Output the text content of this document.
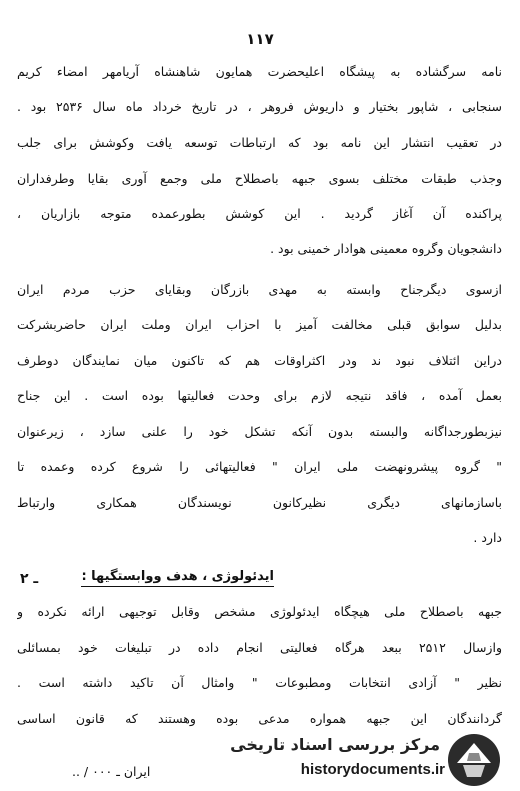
۱۱۷
نامه سرگشاده به پیشگاه اعلیحضرت همایون شاهنشاه آریامهر امضاء کریم
سنجابی ، شاپور بختیار و داریوش فروهر ، در تاریخ خرداد ماه سال ۲۵۳۶ بود .
در تعقیب انتشار این نامه بود که ارتباطات توسعه یافت وکوشش برای جلب
وجذب طبقات مختلف بسوی جبهه باصطلاح ملی وجمع آوری بقایا وطرفداران
پراکنده آن آغاز گردید . این کوشش بطورعمده متوجه بازاریان ،
دانشجویان وگروه معمینی هوادار خمینی بود .
ازسوی دیگرجناح وابسته به مهدی بازرگان وبقایای حزب مردم ایران
بدلیل سوابق قبلی مخالفت آمیز با احزاب ایران وملت ایران حاضربشرکت
دراین ائتلاف نبود ند ودر اکثراوقات هم که تاکنون میان نمایندگان دوطرف
بعمل آمده ، فاقد نتیجه لازم برای وحدت فعالیتها بوده است . این جناح
نیزبطورجداگانه والبسته بدون آنکه تشکل خود را علنی سازد ، زیرعنوان
" گروه پیشرونهضت ملی ایران " فعالیتهائی را شروع کرده وعمده تا
باسازمانهای دیگری نظیرکانون نویسندگان همکاری وارتباط
دارد .
۲ ـ	ایدئولوژی ، هدف ووابستگیها :
جبهه باصطلاح ملی هیچگاه ایدئولوژی مشخص وقابل توجیهی ارائه نکرده و
وازسال ۲۵۱۲ ببعد هرگاه فعالیتی انجام داده در تبلیغات خود بمسائلی
نظیر " آزادی انتخابات ومطبوعات " وامثال آن تاکید داشته است .
گردانندگان این جبهه همواره مدعی بوده وهستند که قانون اساسی
ایران ـ ۰۰۰ / ..
مرکز بررسی اسناد تاریخی
historydocuments.ir
